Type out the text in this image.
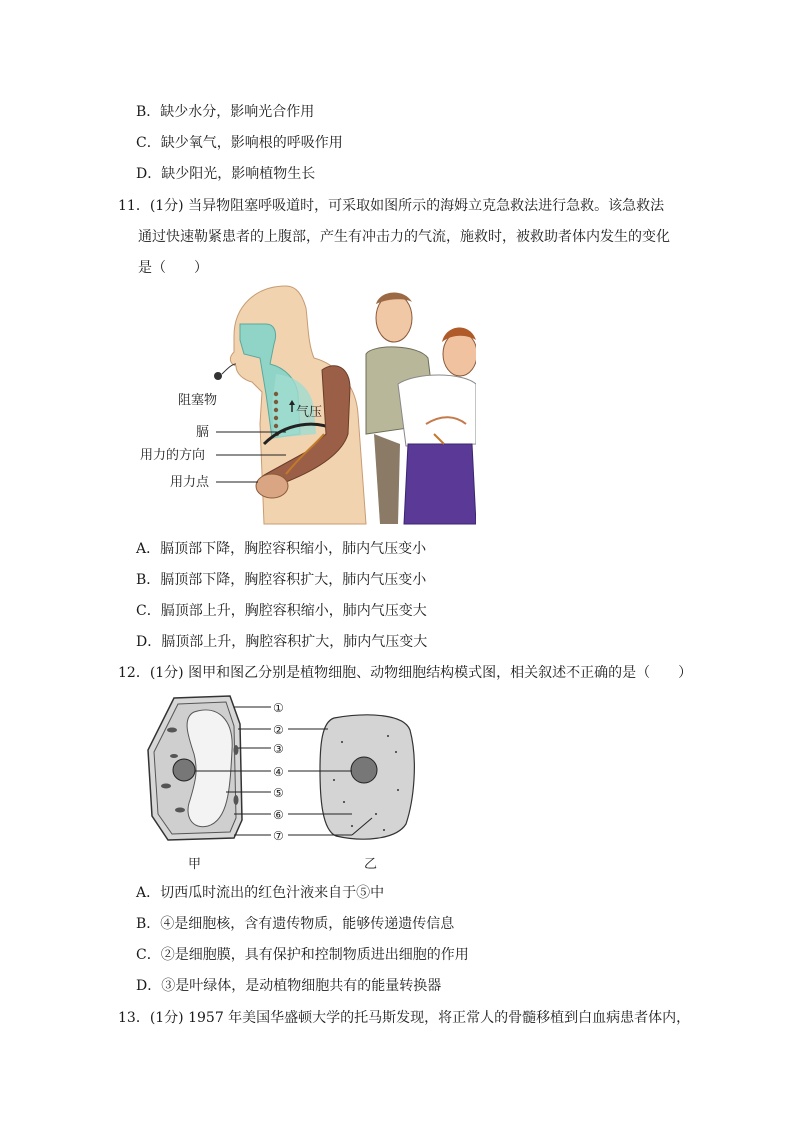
B．缺少水分，影响光合作用
C．缺少氧气，影响根的呼吸作用
D．缺少阳光，影响植物生长
11．(1分) 当异物阻塞呼吸道时，可采取如图所示的海姆立克急救法进行急救。该急救法
通过快速勒紧患者的上腹部，产生有冲击力的气流，施救时，被救助者体内发生的变化
是（　　）
阻塞物
气压
膈
用力的方向
用力点
A．膈顶部下降，胸腔容积缩小，肺内气压变小
B．膈顶部下降，胸腔容积扩大，肺内气压变小
C．膈顶部上升，胸腔容积缩小，肺内气压变大
D．膈顶部上升，胸腔容积扩大，肺内气压变大
12．(1分) 图甲和图乙分别是植物细胞、动物细胞结构模式图，相关叙述不正确的是（　　）
①
②
③
④
⑤
⑥
⑦
甲	乙
A．切西瓜时流出的红色汁液来自于⑤中
B．④是细胞核，含有遗传物质，能够传递遗传信息
C．②是细胞膜，具有保护和控制物质进出细胞的作用
D．③是叶绿体，是动植物细胞共有的能量转换器
13．(1分) 1957 年美国华盛顿大学的托马斯发现，将正常人的骨髓移植到白血病患者体内，
